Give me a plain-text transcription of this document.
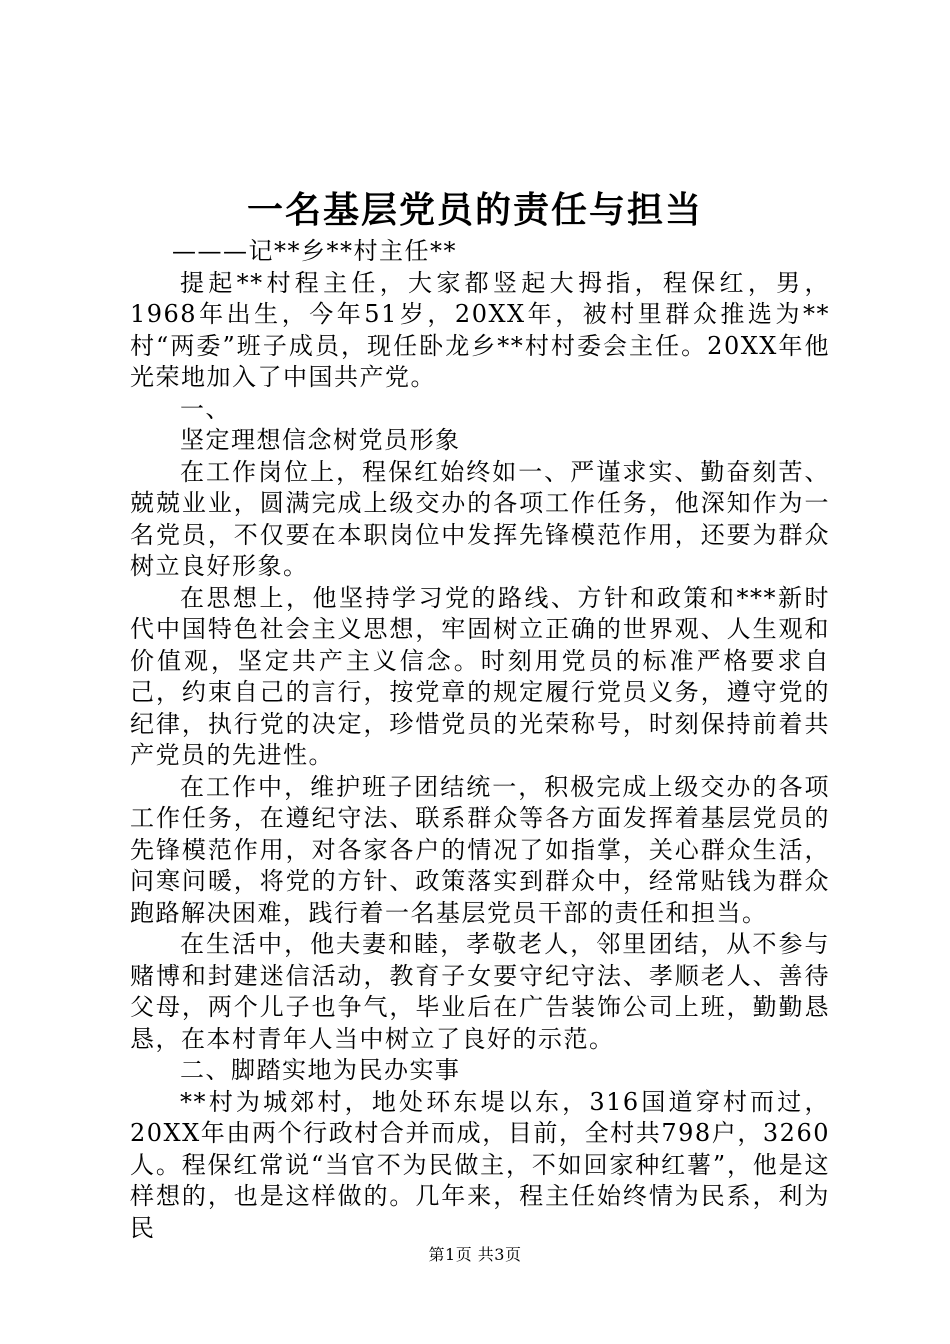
一名基层党员的责任与担当

———记**乡**村主任**

提起**村程主任，大家都竖起大拇指，程保红，男，1968年出生，今年51岁，20XX年，被村里群众推选为**村“两委”班子成员，现任卧龙乡**村村委会主任。20XX年他光荣地加入了中国共产党。

一、

坚定理想信念树党员形象

在工作岗位上，程保红始终如一、严谨求实、勤奋刻苦、兢兢业业，圆满完成上级交办的各项工作任务，他深知作为一名党员，不仅要在本职岗位中发挥先锋模范作用，还要为群众树立良好形象。

在思想上，他坚持学习党的路线、方针和政策和***新时代中国特色社会主义思想，牢固树立正确的世界观、人生观和价值观，坚定共产主义信念。时刻用党员的标准严格要求自己，约束自己的言行，按党章的规定履行党员义务，遵守党的纪律，执行党的决定，珍惜党员的光荣称号，时刻保持前着共产党员的先进性。

在工作中，维护班子团结统一，积极完成上级交办的各项工作任务，在遵纪守法、联系群众等各方面发挥着基层党员的先锋模范作用，对各家各户的情况了如指掌，关心群众生活，问寒问暖，将党的方针、政策落实到群众中，经常贴钱为群众跑路解决困难，践行着一名基层党员干部的责任和担当。

在生活中，他夫妻和睦，孝敬老人，邻里团结，从不参与赌博和封建迷信活动，教育子女要守纪守法、孝顺老人、善待父母，两个儿子也争气，毕业后在广告装饰公司上班，勤勤恳恳，在本村青年人当中树立了良好的示范。

二、脚踏实地为民办实事

**村为城郊村，地处环东堤以东，316国道穿村而过，20XX年由两个行政村合并而成，目前，全村共798户，3260人。程保红常说“当官不为民做主，不如回家种红薯”，他是这样想的，也是这样做的。几年来，程主任始终情为民系，利为民

第1页 共3页
